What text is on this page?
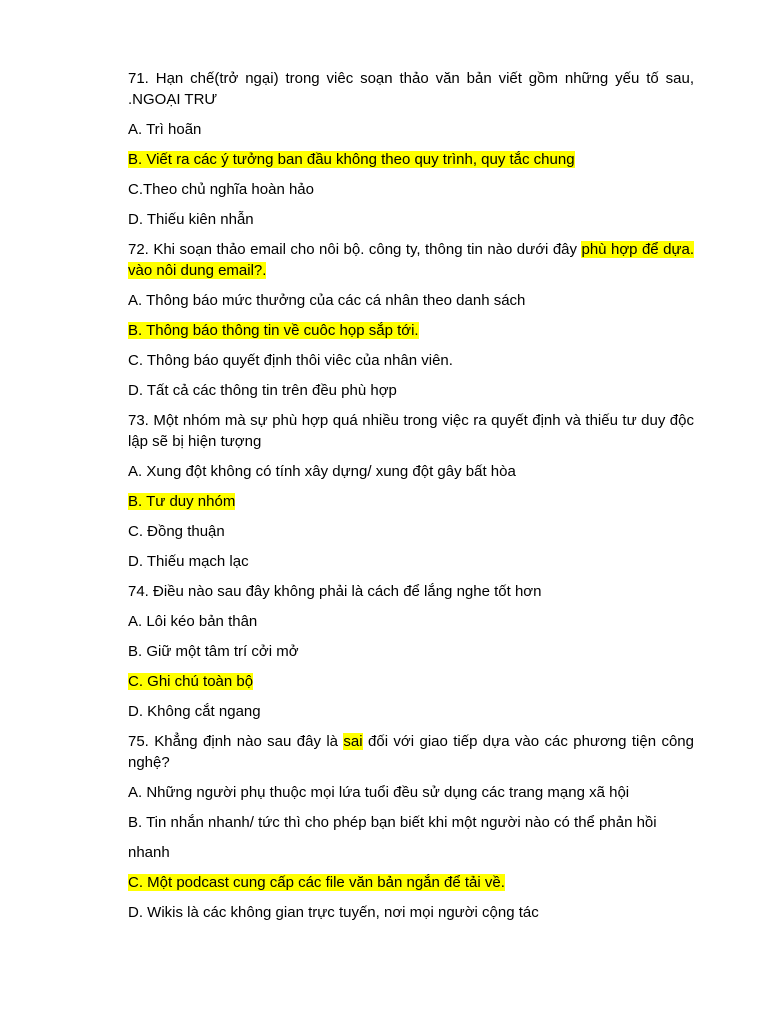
71. Hạn chế(trở ngại) trong viêc soạn thảo văn bản viết gồm những yếu tố sau, .NGOẠI TRƯ

A. Trì hoãn

B. Viết ra các ý tưởng ban đầu không theo quy trình, quy tắc chung

C.Theo chủ nghĩa hoàn hảo

D. Thiếu kiên nhẫn

72. Khi soạn thảo email cho nôi bộ. công ty, thông tin nào dưới đây phù hợp để dựa. vào nôi dung email?.

A. Thông báo mức thưởng của các cá nhân theo danh sách

B. Thông báo thông tin về cuôc họp sắp tới.

C. Thông báo quyết định thôi viêc của nhân viên.

D. Tất cả các thông tin trên đều phù hợp

73. Một nhóm mà sự phù hợp quá nhiều trong việc ra quyết định và thiếu tư duy độc lập sẽ bị hiện tượng

A. Xung đột không có tính xây dựng/ xung đột gây bất hòa

B. Tư duy nhóm

C. Đồng thuận

D. Thiếu mạch lạc

74. Điều nào sau đây không phải là cách để lắng nghe tốt hơn

A. Lôi kéo bản thân

B. Giữ một tâm trí cởi mở

C. Ghi chú toàn bộ

D. Không cắt ngang

75. Khẳng định nào sau đây là sai đối với giao tiếp dựa vào các phương tiện công nghệ?

A. Những người phụ thuộc mọi lứa tuổi đều sử dụng các trang mạng xã hội

B. Tin nhắn nhanh/ tức thì cho phép bạn biết khi một người nào có thể phản hồi

nhanh

C. Một podcast cung cấp các file văn bản ngắn để tải về.

D. Wikis là các không gian trực tuyến, nơi mọi người cộng tác
